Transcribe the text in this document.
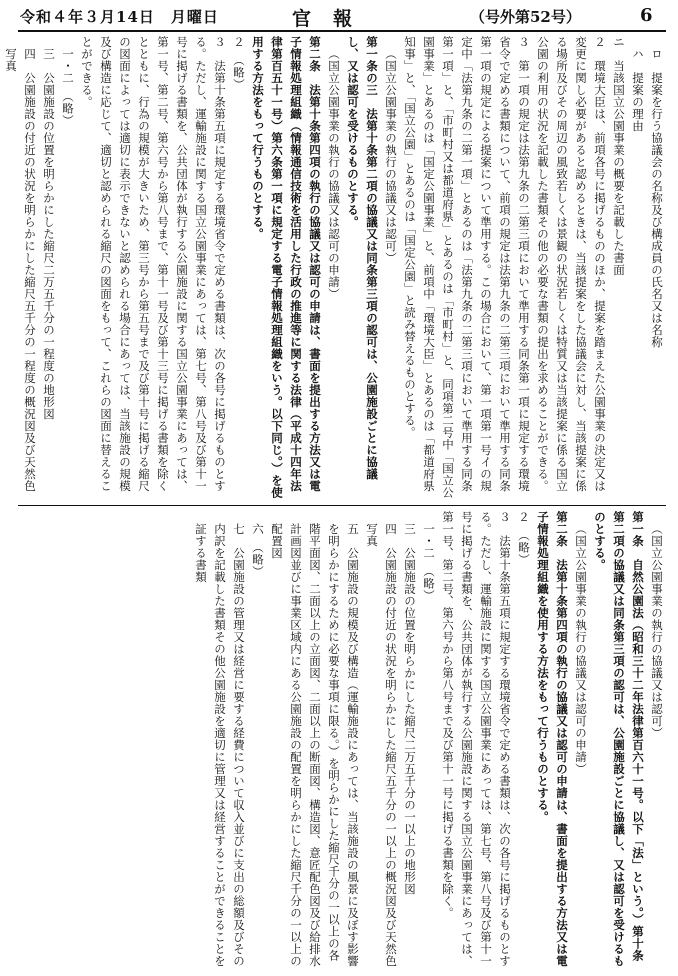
令和４年３月14日　月曜日	官報	（号外第52号）	6

ロ　提案を行う協議会の名称及び構成員の氏名又は名称

ハ　提案の理由

ニ　当該国立公園事業の概要を記載した書面

２　環境大臣は、前項各号に掲げるもののほか、提案を踏まえた公園事業の決定又は変更に関し必要があると認めるときは、当該提案をした協議会に対し、当該提案に係る場所及びその周辺の風致若しくは景観の状況若しくは特質又は当該提案に係る国立公園の利用の状況を記載した書類その他の必要な書類の提出を求めることができる。

３　第一項の規定は法第九条の二第三項において準用する同条第一項に規定する環境省令で定める書類について、前項の規定は法第九条の二第三項において準用する同条第一項の規定による提案について準用する。この場合において、第一項第一号イの規定中「法第九条の二第一項」とあるのは「法第九条の二第三項において準用する同条第一項」と、「市町村又は都道府県」とあるのは「市町村」と、同項第二号中「国立公園事業」とあるのは「国定公園事業」と、前項中「環境大臣」とあるのは「都道府県知事」と、「国立公園」とあるのは「国定公園」と読み替えるものとする。

（国立公園事業の執行の協議又は認可）

第一条の三　法第十条第二項の協議又は同条第三項の認可は、公園施設ごとに協議し、又は認可を受けるものとする。

（国立公園事業の執行の協議又は認可の申請）

第二条　法第十条第四項の執行の協議又は認可の申請は、書面を提出する方法又は電子情報処理組織（情報通信技術を活用した行政の推進等に関する法律（平成十四年法律第百五十一号）第六条第一項に規定する電子情報処理組織をいう。以下同じ。）を使用する方法をもって行うものとする。

２　（略）

３　法第十条第五項に規定する環境省令で定める書類は、次の各号に掲げるものとする。ただし、運輸施設に関する国立公園事業にあっては、第七号、第八号及び第十一号に掲げる書類を、公共団体が執行する公園施設に関する国立公園事業にあっては、第一号、第二号、第六号から第八号まで、第十一号及び第十三号に掲げる書類を除くとともに、行為の規模が大きいため、第三号から第五号まで及び第十号に掲げる縮尺の図面によっては適切に表示できないと認められる場合にあっては、当該施設の規模及び構造に応じて、適切と認められる縮尺の図面をもって、これらの図面に替えることができる。

一・二　（略）

三　公園施設の位置を明らかにした縮尺二万五千分の一程度の地形図

四　公園施設の付近の状況を明らかにした縮尺五千分の一程度の概況図及び天然色写真

（国立公園事業の執行の協議又は認可）

第一条　自然公園法（昭和三十二年法律第百六十一号。以下「法」という。）第十条第二項の協議又は同条第三項の認可は、公園施設ごとに協議し、又は認可を受けるものとする。

（国立公園事業の執行の協議又は認可の申請）

第二条　法第十条第四項の執行の協議又は認可の申請は、書面を提出する方法又は電子情報処理組織を使用する方法をもって行うものとする。

２　（略）

３　法第十条第五項に規定する環境省令で定める書類は、次の各号に掲げるものとする。ただし、運輸施設に関する国立公園事業にあっては、第七号、第八号及び第十一号に掲げる書類を、公共団体が執行する公園施設に関する国立公園事業にあっては、第一号、第二号、第六号から第八号まで及び第十一号に掲げる書類を除く。

一・二　（略）

三　公園施設の位置を明らかにした縮尺二万五千分の一以上の地形図

四　公園施設の付近の状況を明らかにした縮尺五千分の一以上の概況図及び天然色写真

五　公園施設の規模及び構造（運輸施設にあっては、当該施設の風景に及ぼす影響を明らかにするために必要な事項に限る。）を明らかにした縮尺千分の一以上の各階平面図、二面以上の立面図、二面以上の断面図、構造図、意匠配色図及び給排水計画図並びに事業区域内にある公園施設の配置を明らかにした縮尺千分の一以上の配置図

六　（略）

七　公園施設の管理又は経営に要する経費について収入並びに支出の総額及びその内訳を記載した書類その他公園施設を適切に管理又は経営することができることを証する書類
